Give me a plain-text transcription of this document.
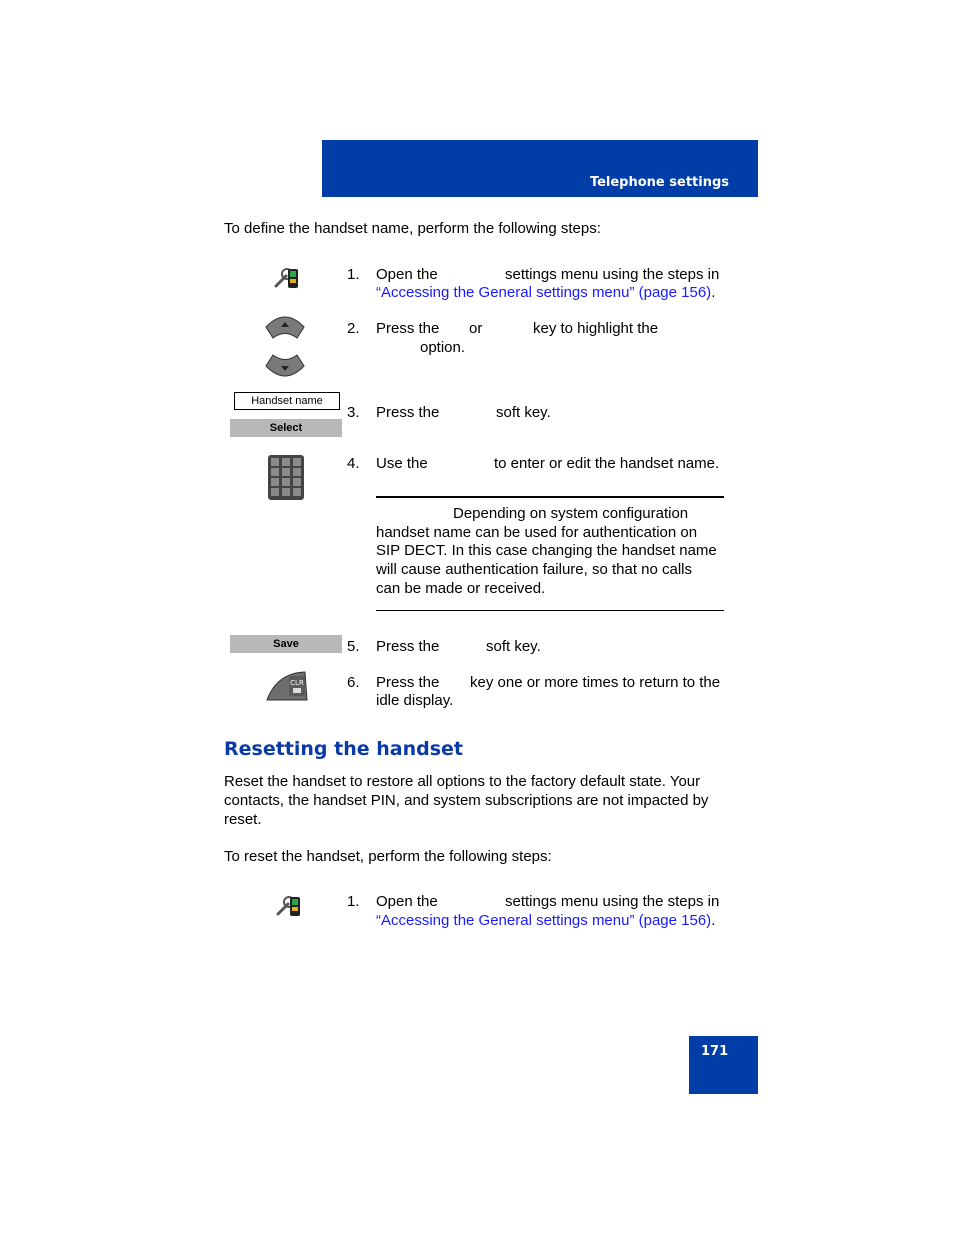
Telephone settings
To define the handset name, perform the following steps:
1. Open the	settings menu using the steps in
“Accessing the General settings menu” (page 156).
2. Press the or	key to highlight the
option.
Handset name
Select
3. Press the	soft key.
4. Use the	to enter or edit the handset name.
Depending on system configuration
handset name can be used for authentication on
SIP DECT. In this case changing the handset name
will cause authentication failure, so that no calls
can be made or received.
Save	5. Press the	soft key.
CLR	6. Press the key one or more times to return to the
idle display.
Resetting the handset
Reset the handset to restore all options to the factory default state. Your
contacts, the handset PIN, and system subscriptions are not impacted by
reset.
To reset the handset, perform the following steps:
1. Open the	settings menu using the steps in
“Accessing the General settings menu” (page 156).
171
